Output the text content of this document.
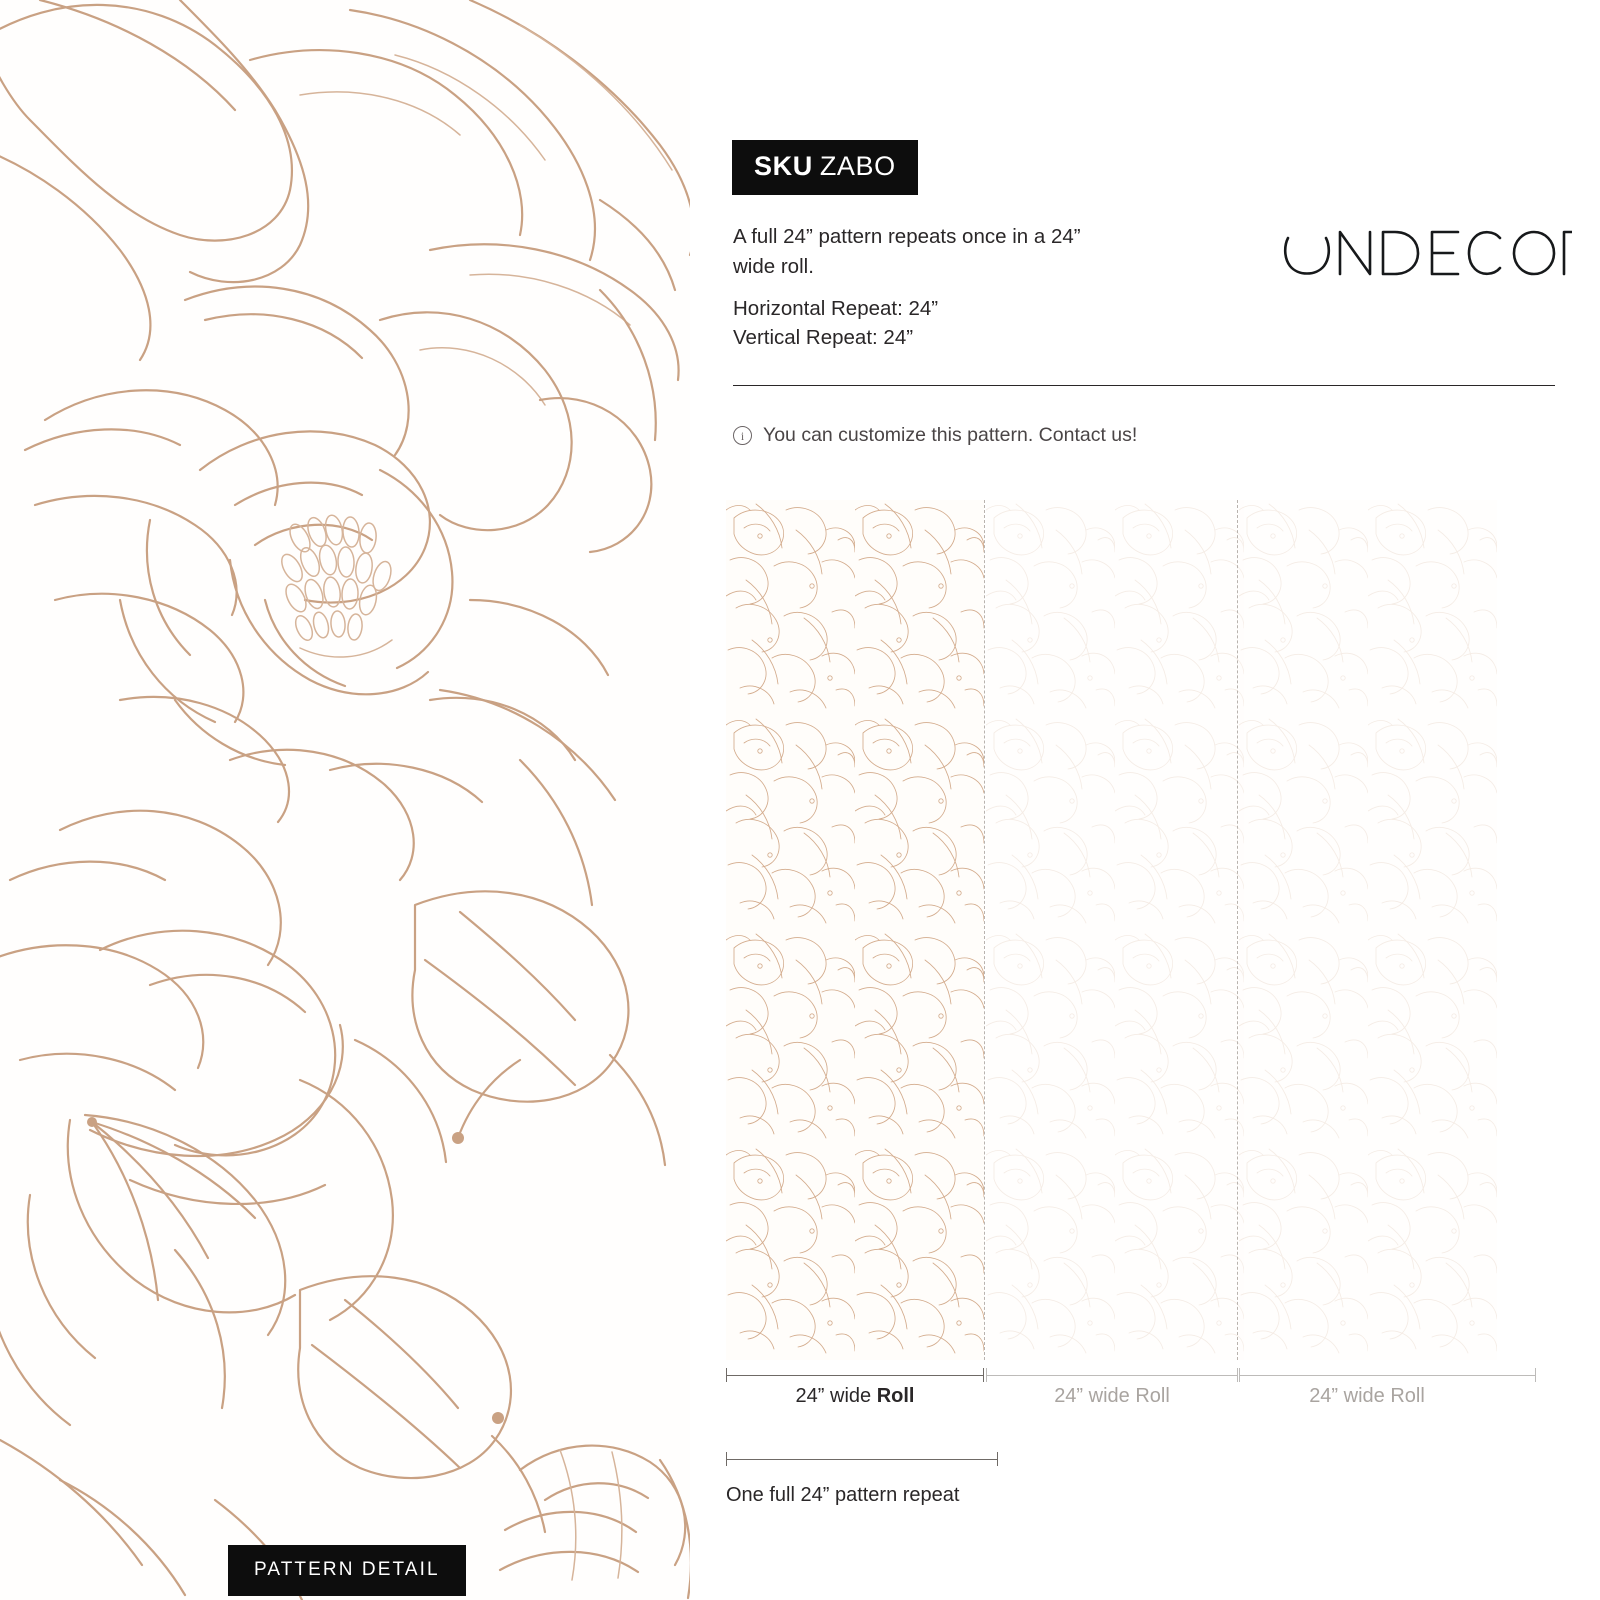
PATTERN DETAIL
SKU ZABO
A full 24” pattern repeats once in a 24” wide roll.
Horizontal Repeat: 24”
Vertical Repeat: 24”
i You can customize this pattern. Contact us!
24” wide Roll	24” wide Roll	24” wide Roll
One full 24” pattern repeat
